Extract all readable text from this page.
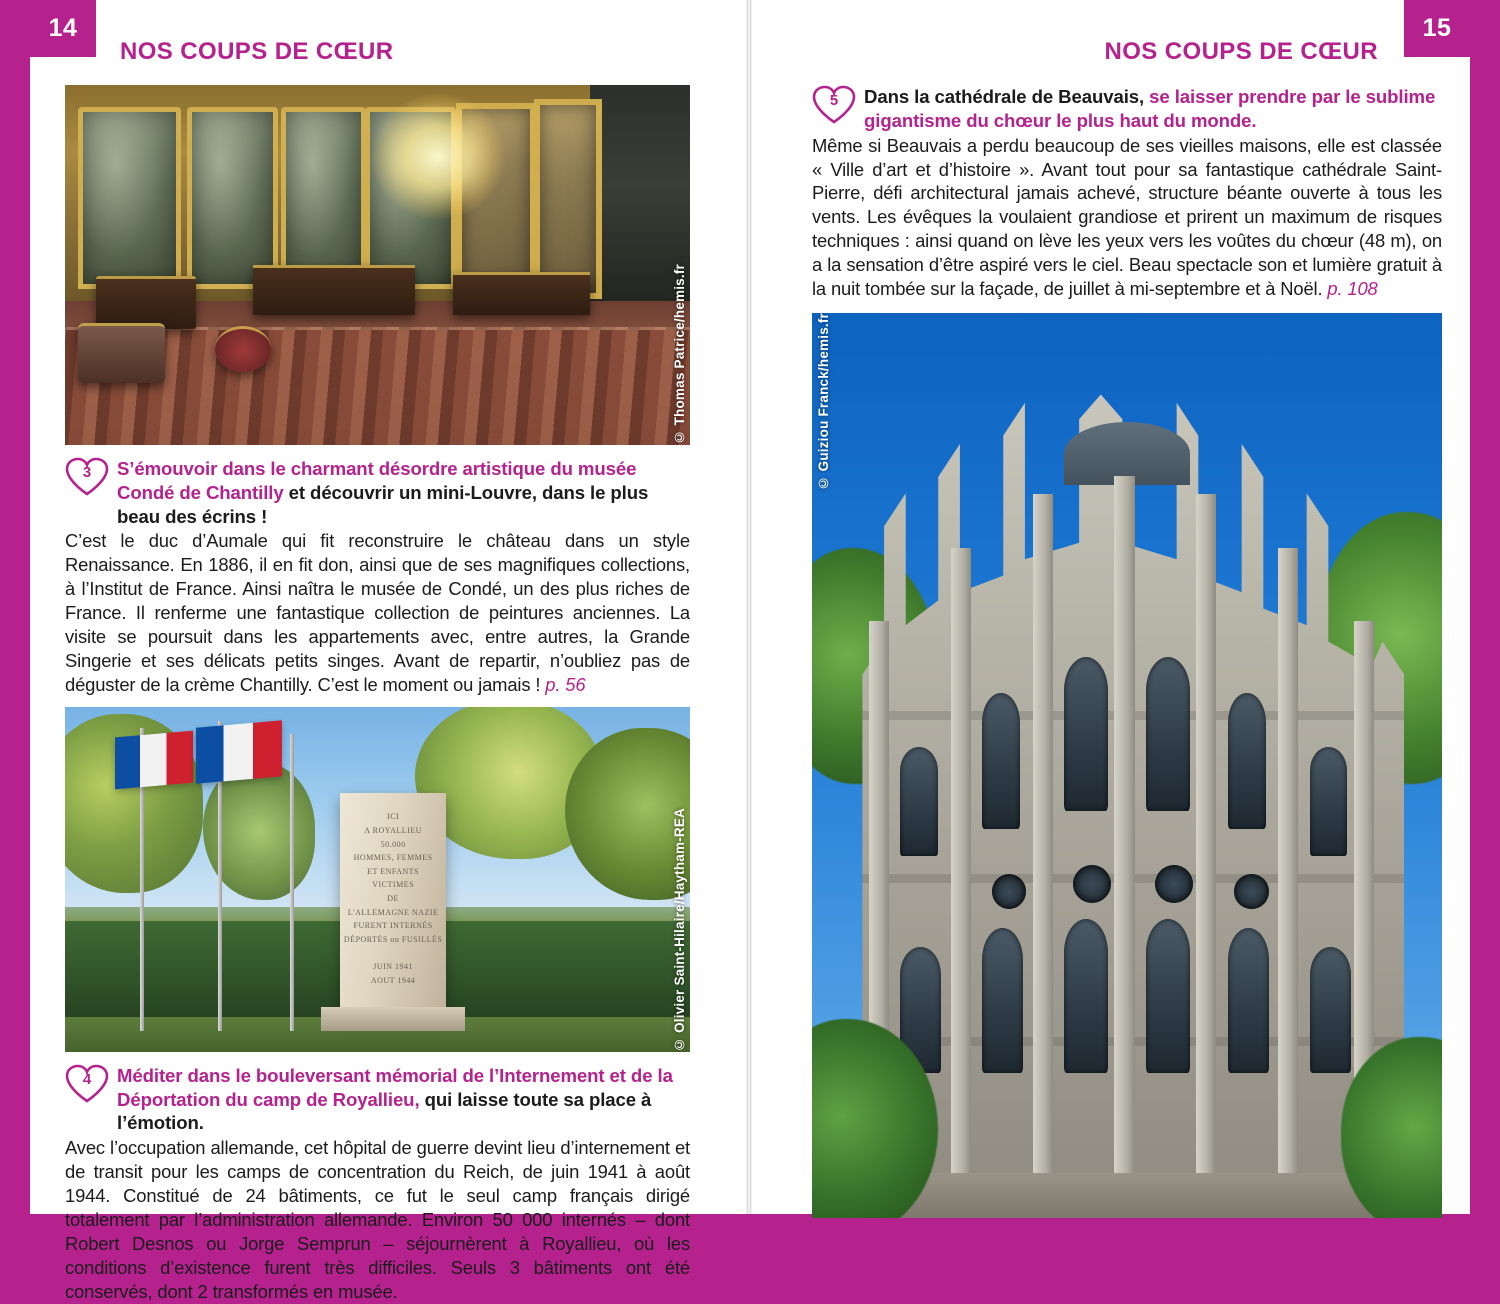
14
NOS COUPS DE CŒUR	NOS COUPS DE CŒUR
15
© Thomas Patrice/hemis.fr
3 S’émouvoir dans le charmant désordre artistique du musée Condé de Chantilly et découvrir un mini-Louvre, dans le plus beau des écrins !

C’est le duc d’Aumale qui fit reconstruire le château dans un style Renaissance. En 1886, il en fit don, ainsi que de ses magnifiques collections, à l’Institut de France. Ainsi naîtra le musée de Condé, un des plus riches de France. Il renferme une fantastique collection de peintures anciennes. La visite se poursuit dans les appartements avec, entre autres, la Grande Singerie et ses délicats petits singes. Avant de repartir, n’oubliez pas de déguster de la crème Chantilly. C’est le moment ou jamais ! p. 56

ICI
A ROYALLIEU
50.000
HOMMES, FEMMES
ET ENFANTS
VICTIMES
DE
L'ALLEMAGNE NAZIE
FURENT INTERNÉS
DÉPORTÉS ou FUSILLÉS

JUIN 1941
AOUT 1944	© Olivier Saint-Hilaire/Haytham-REA
4 Méditer dans le bouleversant mémorial de l’Internement et de la Déportation du camp de Royallieu, qui laisse toute sa place à l’émotion.

Avec l’occupation allemande, cet hôpital de guerre devint lieu d’internement et de transit pour les camps de concentration du Reich, de juin 1941 à août 1944. Constitué de 24 bâtiments, ce fut le seul camp français dirigé totalement par l’administration allemande. Environ 50 000 internés – dont Robert Desnos ou Jorge Semprun – séjournèrent à Royallieu, où les conditions d’existence furent très difficiles. Seuls 3 bâtiments ont été conservés, dont 2 transformés en musée. p. 93

5 Dans la cathédrale de Beauvais, se laisser prendre par le sublime gigantisme du chœur le plus haut du monde.

Même si Beauvais a perdu beaucoup de ses vieilles maisons, elle est classée « Ville d’art et d’histoire ». Avant tout pour sa fantastique cathédrale Saint-Pierre, défi architectural jamais achevé, structure béante ouverte à tous les vents. Les évêques la voulaient grandiose et prirent un maximum de risques techniques : ainsi quand on lève les yeux vers les voûtes du chœur (48 m), on a la sensation d’être aspiré vers le ciel. Beau spectacle son et lumière gratuit à la nuit tombée sur la façade, de juillet à mi-septembre et à Noël. p. 108

© Guiziou Franck/hemis.fr
